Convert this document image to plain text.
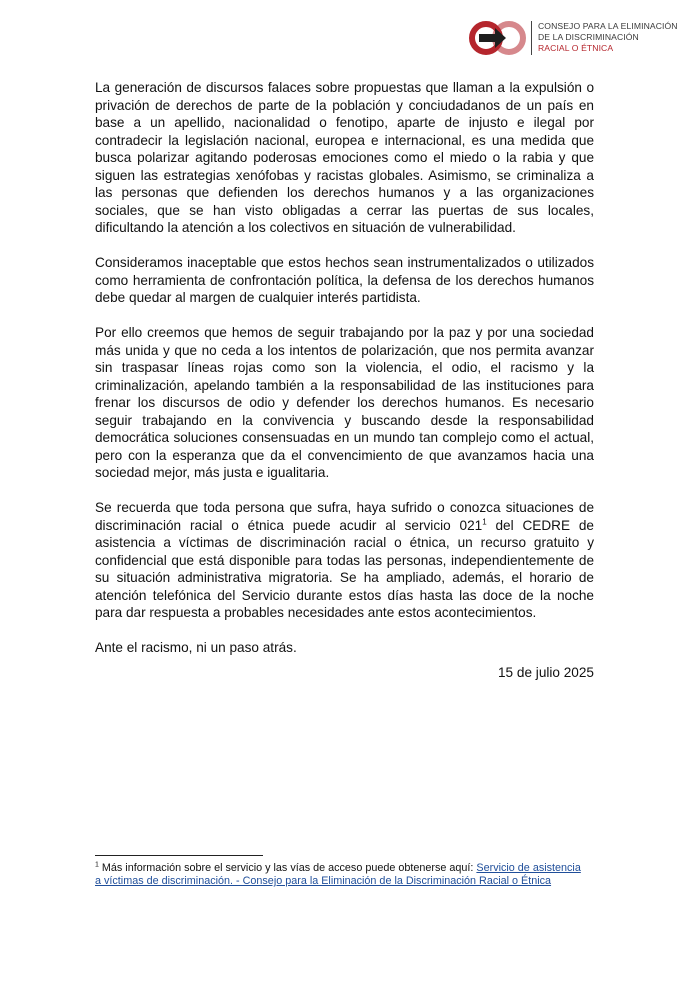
CONSEJO PARA LA ELIMINACIÓN
DE LA DISCRIMINACIÓN
RACIAL O ÉTNICA

La generación de discursos falaces sobre propuestas que llaman a la expulsión o privación de derechos de parte de la población y conciudadanos de un país en base a un apellido, nacionalidad o fenotipo, aparte de injusto e ilegal por contradecir la legislación nacional, europea e internacional, es una medida que busca polarizar agitando poderosas emociones como el miedo o la rabia y que siguen las estrategias xenófobas y racistas globales. Asimismo, se criminaliza a las personas que defienden los derechos humanos y a las organizaciones sociales, que se han visto obligadas a cerrar las puertas de sus locales, dificultando la atención a los colectivos en situación de vulnerabilidad.

Consideramos inaceptable que estos hechos sean instrumentalizados o utilizados como herramienta de confrontación política, la defensa de los derechos humanos debe quedar al margen de cualquier interés partidista.

Por ello creemos que hemos de seguir trabajando por la paz y por una sociedad más unida y que no ceda a los intentos de polarización, que nos permita avanzar sin traspasar líneas rojas como son la violencia, el odio, el racismo y la criminalización, apelando también a la responsabilidad de las instituciones para frenar los discursos de odio y defender los derechos humanos. Es necesario seguir trabajando en la convivencia y buscando desde la responsabilidad democrática soluciones consensuadas en un mundo tan complejo como el actual, pero con la esperanza que da el convencimiento de que avanzamos hacia una sociedad mejor, más justa e igualitaria.

Se recuerda que toda persona que sufra, haya sufrido o conozca situaciones de discriminación racial o étnica puede acudir al servicio $021^1$ del CEDRE de asistencia a víctimas de discriminación racial o étnica, un recurso gratuito y confidencial que está disponible para todas las personas, independientemente de su situación administrativa migratoria. Se ha ampliado, además, el horario de atención telefónica del Servicio durante estos días hasta las doce de la noche para dar respuesta a probables necesidades ante estos acontecimientos.

Ante el racismo, ni un paso atrás.

15 de julio 2025
$^1$ Más información sobre el servicio y las vías de acceso puede obtenerse aquí: Servicio de asistencia a víctimas de discriminación. - Consejo para la Eliminación de la Discriminación Racial o Étnica
